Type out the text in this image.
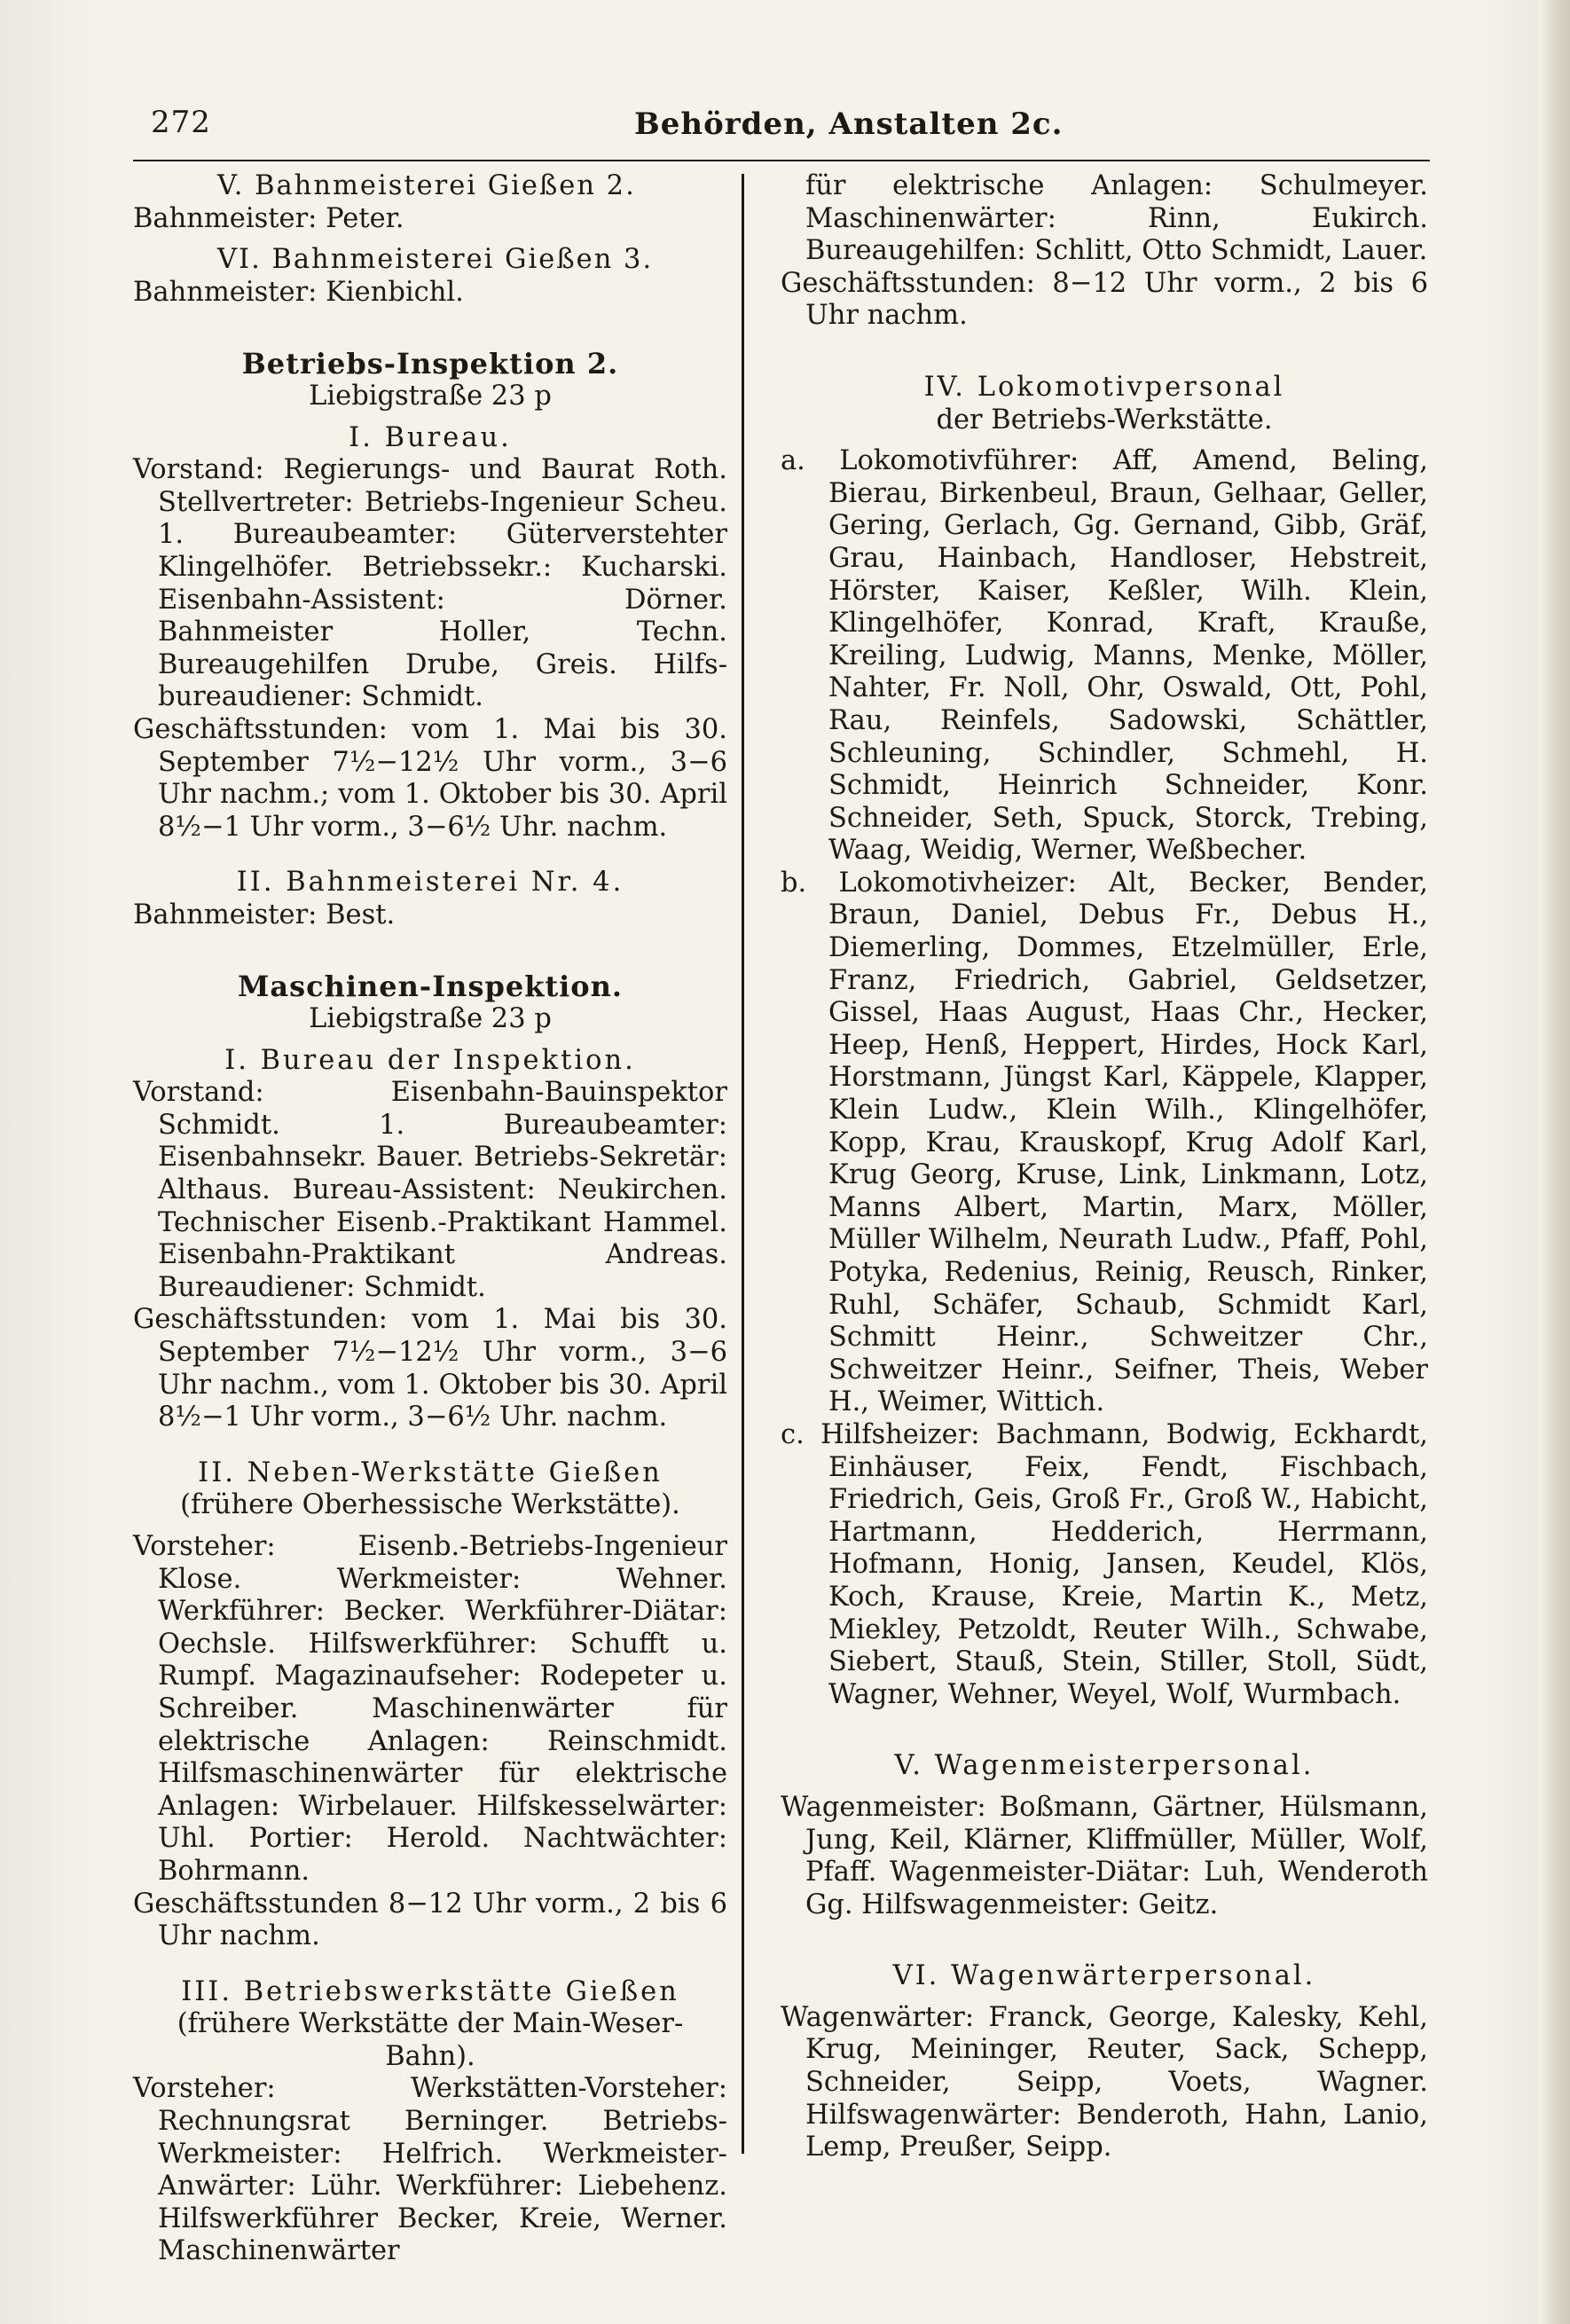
272	Behörden, Anstalten 2c.

V. Bahnmeisterei Gießen 2.

Bahnmeister: Peter.

VI. Bahnmeisterei Gießen 3.

Bahnmeister: Kienbichl.

Betriebs-Inspektion 2.

Liebigstraße 23 p

I. Bureau.

Vorstand: Regierungs- und Baurat Roth. Stellvertreter: Betriebs-Ingenieur Scheu. 1. Bureaubeamter: Güterverstehter Klingelhöfer. Betriebssekr.: Kucharski. Eisenbahn-Assistent: Dörner. Bahnmeister Holler, Techn. Bureaugehilfen Drube, Greis. Hilfs-bureaudiener: Schmidt.

Geschäftsstunden: vom 1. Mai bis 30. September 7½−12½ Uhr vorm., 3−6 Uhr nachm.; vom 1. Oktober bis 30. April 8½−1 Uhr vorm., 3−6½ Uhr. nachm.

II. Bahnmeisterei Nr. 4.

Bahnmeister: Best.

Maschinen-Inspektion.

Liebigstraße 23 p

I. Bureau der Inspektion.

Vorstand: Eisenbahn-Bauinspektor Schmidt. 1. Bureaubeamter: Eisenbahnsekr. Bauer. Betriebs-Sekretär: Althaus. Bureau-Assistent: Neukirchen. Technischer Eisenb.-Praktikant Hammel. Eisenbahn-Praktikant Andreas. Bureaudiener: Schmidt.

Geschäftsstunden: vom 1. Mai bis 30. September 7½−12½ Uhr vorm., 3−6 Uhr nachm., vom 1. Oktober bis 30. April 8½−1 Uhr vorm., 3−6½ Uhr. nachm.

II. Neben-Werkstätte Gießen

(frühere Oberhessische Werkstätte).

Vorsteher: Eisenb.-Betriebs-Ingenieur Klose. Werkmeister: Wehner. Werkführer: Becker. Werkführer-Diätar: Oechsle. Hilfswerkführer: Schufft u. Rumpf. Magazinaufseher: Rodepeter u. Schreiber. Maschinenwärter für elektrische Anlagen: Reinschmidt. Hilfsmaschinenwärter für elektrische Anlagen: Wirbelauer. Hilfskesselwärter: Uhl. Portier: Herold. Nachtwächter: Bohrmann.

Geschäftsstunden 8−12 Uhr vorm., 2 bis 6 Uhr nachm.

III. Betriebswerkstätte Gießen

(frühere Werkstätte der Main-Weser-Bahn).

Vorsteher: Werkstätten-Vorsteher: Rechnungsrat Berninger. Betriebs-Werkmeister: Helfrich. Werkmeister-Anwärter: Lühr. Werkführer: Liebehenz. Hilfswerkführer Becker, Kreie, Werner. Maschinenwärter

für elektrische Anlagen: Schulmeyer. Maschinenwärter: Rinn, Eukirch. Bureaugehilfen: Schlitt, Otto Schmidt, Lauer.

Geschäftsstunden: 8−12 Uhr vorm., 2 bis 6 Uhr nachm.

IV. Lokomotivpersonal

der Betriebs-Werkstätte.

a. Lokomotivführer: Aff, Amend, Beling, Bierau, Birkenbeul, Braun, Gelhaar, Geller, Gering, Gerlach, Gg. Gernand, Gibb, Gräf, Grau, Hainbach, Handloser, Hebstreit, Hörster, Kaiser, Keßler, Wilh. Klein, Klingelhöfer, Konrad, Kraft, Kraußе, Kreiling, Ludwig, Manns, Menke, Möller, Nahter, Fr. Noll, Ohr, Oswald, Ott, Pohl, Rau, Reinfels, Sadowski, Schättler, Schleuning, Schindler, Schmehl, H. Schmidt, Heinrich Schneider, Konr. Schneider, Seth, Spuck, Storck, Trebing, Waag, Weidig, Werner, Weßbecher.

b. Lokomotivheizer: Alt, Becker, Bender, Braun, Daniel, Debus Fr., Debus H., Diemerling, Dommes, Etzelmüller, Erle, Franz, Friedrich, Gabriel, Geldsetzer, Gissel, Haas August, Haas Chr., Hecker, Heep, Henß, Heppert, Hirdes, Hock Karl, Horstmann, Jüngst Karl, Käppele, Klapper, Klein Ludw., Klein Wilh., Klingelhöfer, Kopp, Krau, Krauskopf, Krug Adolf Karl, Krug Georg, Kruse, Link, Linkmann, Lotz, Manns Albert, Martin, Marx, Möller, Müller Wilhelm, Neurath Ludw., Pfaff, Pohl, Potyka, Redenius, Reinig, Reusch, Rinker, Ruhl, Schäfer, Schaub, Schmidt Karl, Schmitt Heinr., Schweitzer Chr., Schweitzer Heinr., Seifner, Theis, Weber H., Weimer, Wittich.

c. Hilfsheizer: Bachmann, Bodwig, Eckhardt, Einhäuser, Feix, Fendt, Fischbach, Friedrich, Geis, Groß Fr., Groß W., Habicht, Hartmann, Hedderich, Herrmann, Hofmann, Honig, Jansen, Keudel, Klös, Koch, Krause, Kreie, Martin K., Metz, Miekley, Petzoldt, Reuter Wilh., Schwabe, Siebert, Stauß, Stein, Stiller, Stoll, Südt, Wagner, Wehner, Weyel, Wolf, Wurmbach.

V. Wagenmeisterpersonal.

Wagenmeister: Boßmann, Gärtner, Hülsmann, Jung, Keil, Klärner, Kliffmüller, Müller, Wolf, Pfaff. Wagenmeister-Diätar: Luh, Wenderoth Gg. Hilfswagenmeister: Geitz.

VI. Wagenwärterpersonal.

Wagenwärter: Franck, George, Kalesky, Kehl, Krug, Meininger, Reuter, Sack, Schepp, Schneider, Seipp, Voets, Wagner. Hilfswagenwärter: Benderoth, Hahn, Lanio, Lemp, Preußer, Seipp.
